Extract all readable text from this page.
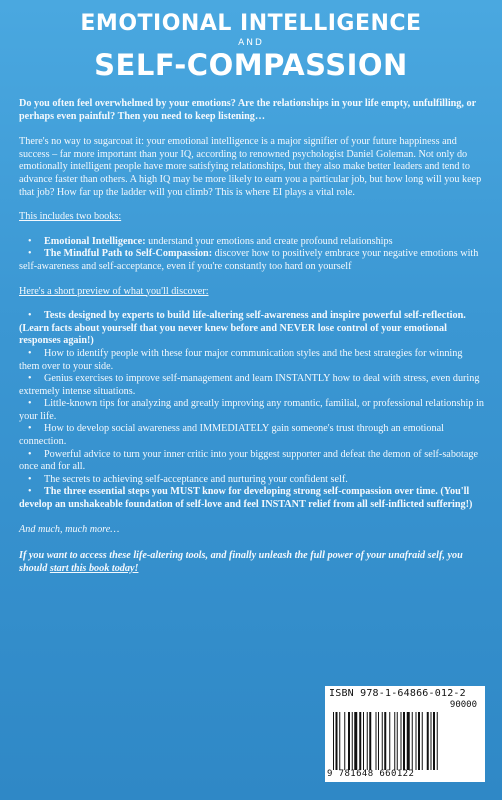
EMOTIONAL INTELLIGENCE
AND
SELF-COMPASSION

Do you often feel overwhelmed by your emotions? Are the relationships in your life empty, unfulfilling, or perhaps even painful? Then you need to keep listening…

There's no way to sugarcoat it: your emotional intelligence is a major signifier of your future happiness and success – far more important than your IQ, according to renowned psychologist Daniel Goleman. Not only do emotionally intelligent people have more satisfying relationships, but they also make better leaders and tend to advance faster than others. A high IQ may be more likely to earn you a particular job, but how long will you keep that job? How far up the ladder will you climb? This is where EI plays a vital role.

This includes two books:

• Emotional Intelligence: understand your emotions and create profound relationships
• The Mindful Path to Self-Compassion: discover how to positively embrace your negative emotions with self-awareness and self-acceptance, even if you're constantly too hard on yourself

Here's a short preview of what you'll discover:

• Tests designed by experts to build life-altering self-awareness and inspire powerful self-reflection. (Learn facts about yourself that you never knew before and NEVER lose control of your emotional responses again!)
• How to identify people with these four major communication styles and the best strategies for winning them over to your side.
• Genius exercises to improve self-management and learn INSTANTLY how to deal with stress, even during extremely intense situations.
• Little-known tips for analyzing and greatly improving any romantic, familial, or professional relationship in your life.
• How to develop social awareness and IMMEDIATELY gain someone's trust through an emotional connection.
• Powerful advice to turn your inner critic into your biggest supporter and defeat the demon of self-sabotage once and for all.
• The secrets to achieving self-acceptance and nurturing your confident self.
• The three essential steps you MUST know for developing strong self-compassion over time. (You'll develop an unshakeable foundation of self-love and feel INSTANT relief from all self-inflicted suffering!)

And much, much more…

If you want to access these life-altering tools, and finally unleash the full power of your unafraid self, you should start this book today!

ISBN 978-1-64866-012-2
90000
9 781648 660122
